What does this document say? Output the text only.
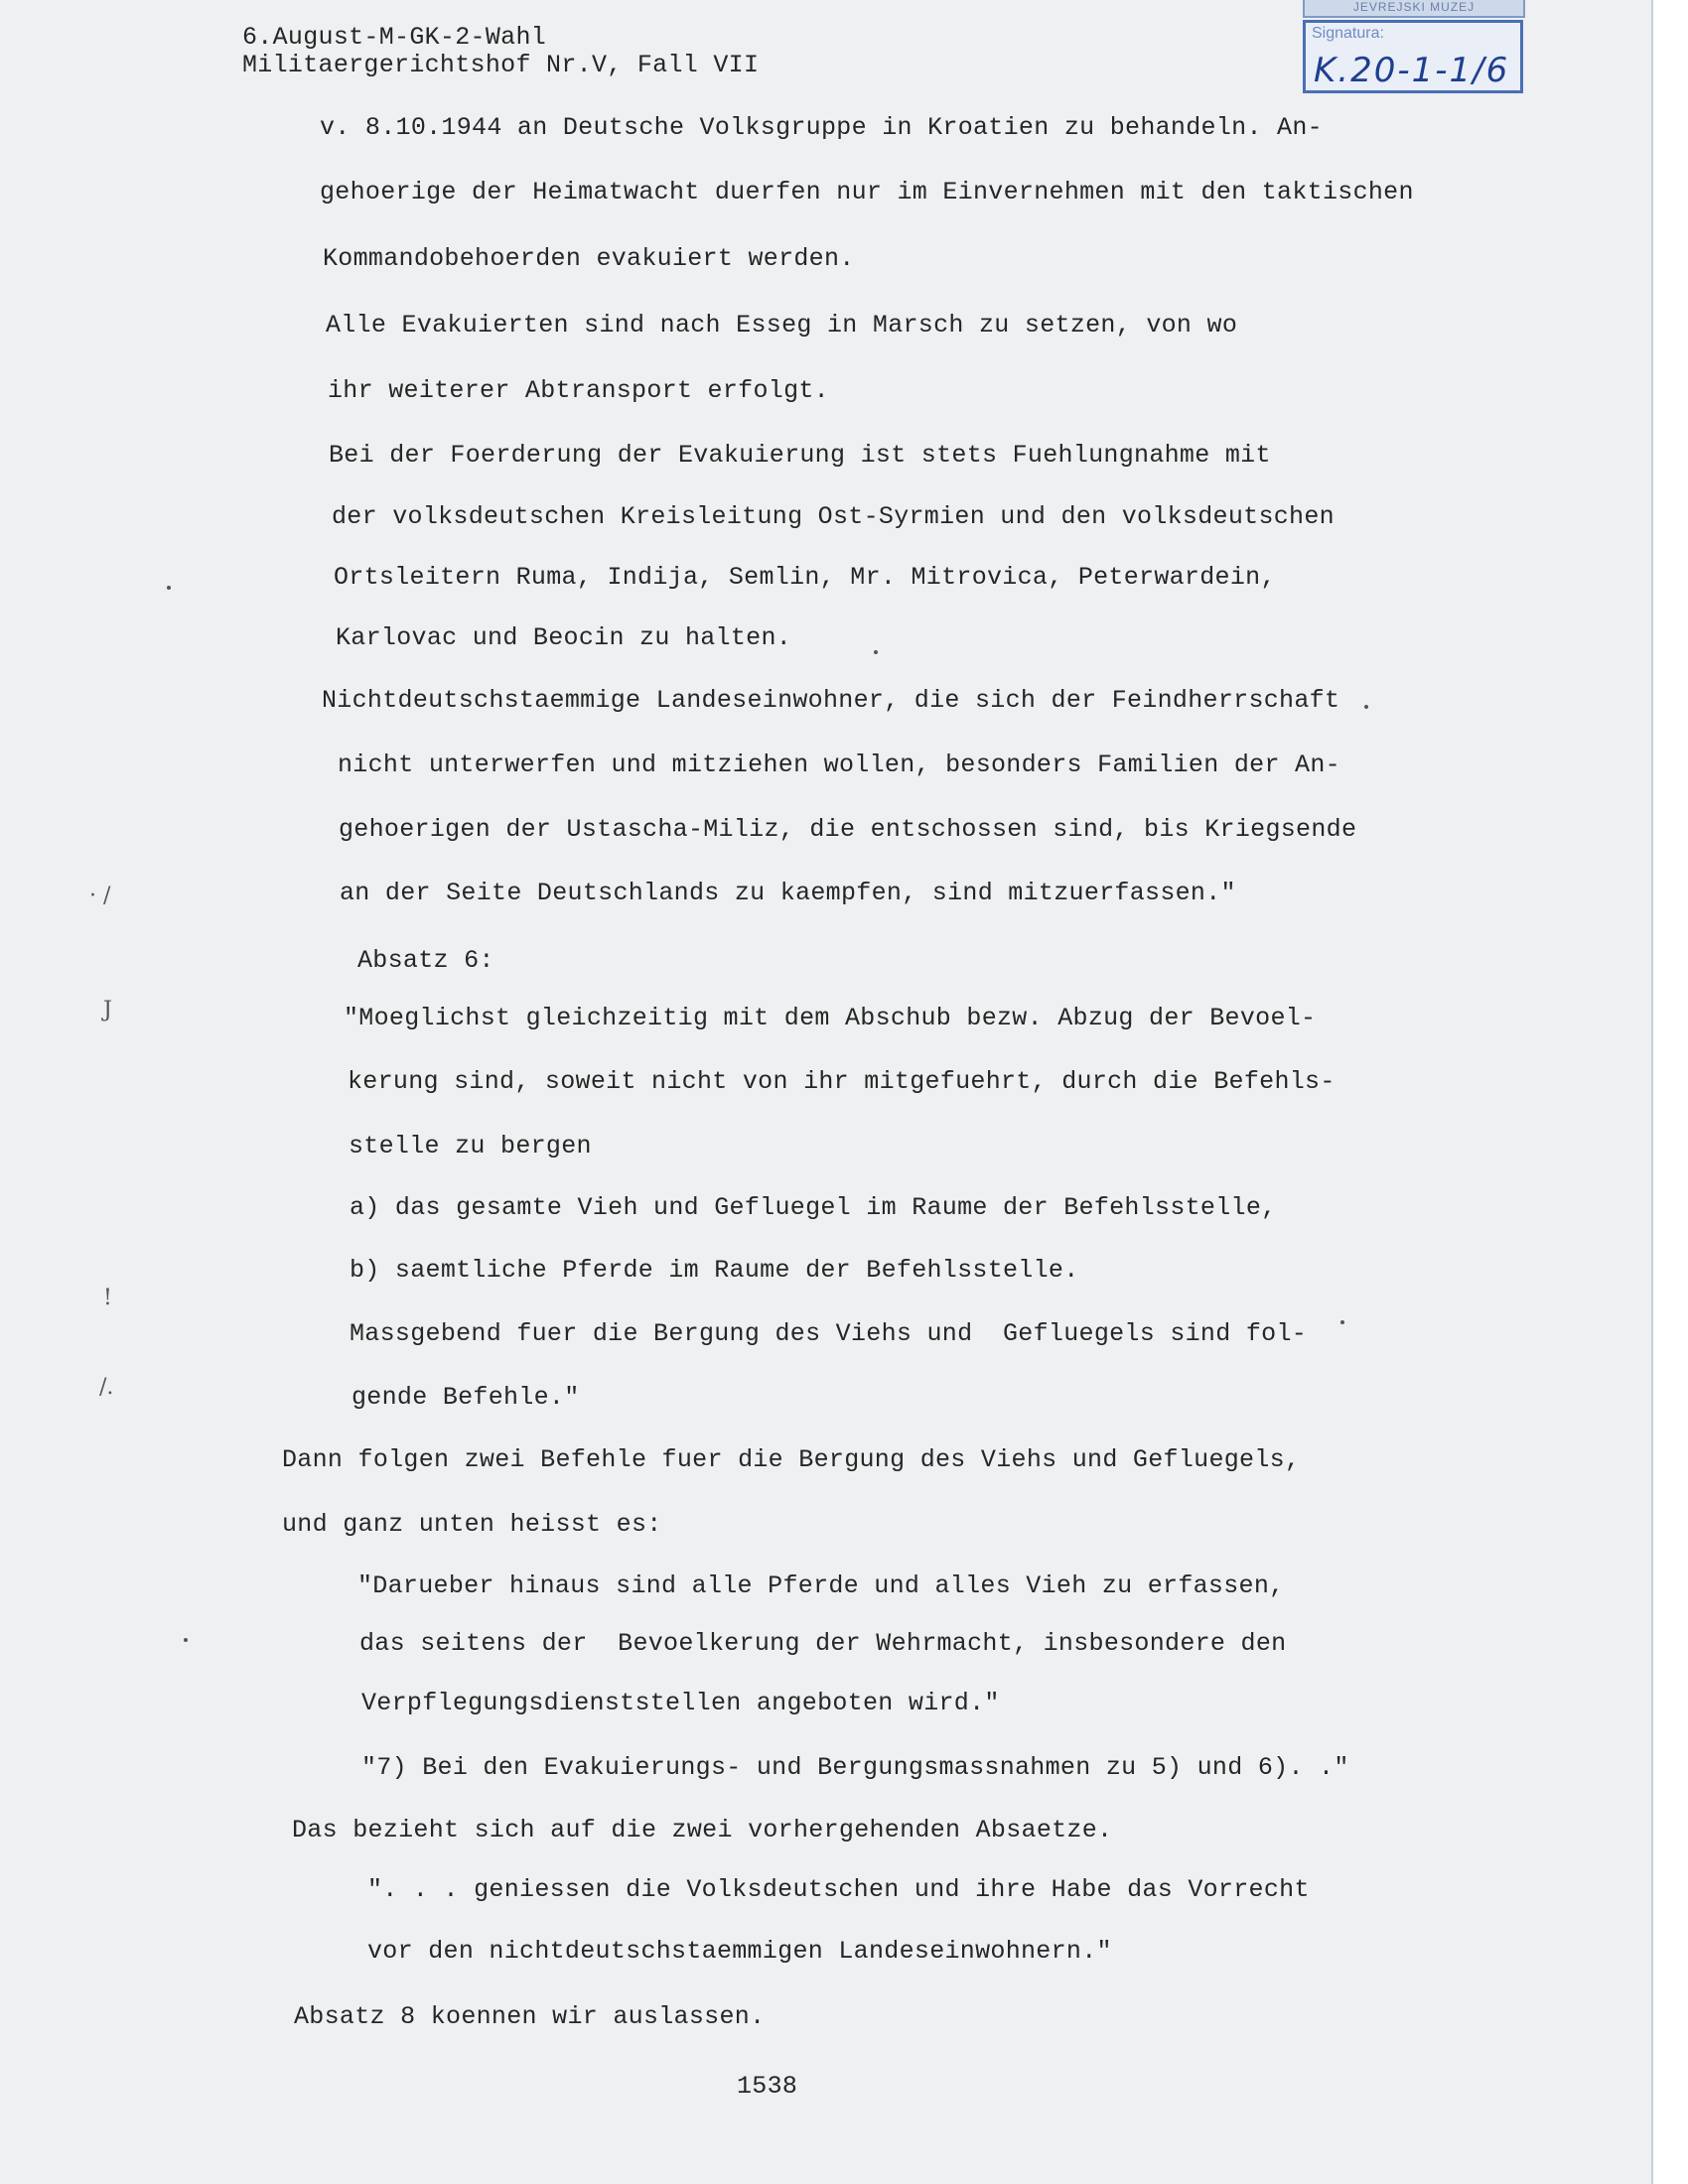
JEVREJSKI MUZEJ
Signatura:
K.20-1-1/6
6.August-M-GK-2-Wahl
Militaergerichtshof Nr.V, Fall VII
v. 8.10.1944 an Deutsche Volksgruppe in Kroatien zu behandeln. An-
gehoerige der Heimatwacht duerfen nur im Einvernehmen mit den taktischen
Kommandobehoerden evakuiert werden.
Alle Evakuierten sind nach Esseg in Marsch zu setzen, von wo
ihr weiterer Abtransport erfolgt.
Bei der Foerderung der Evakuierung ist stets Fuehlungnahme mit
der volksdeutschen Kreisleitung Ost-Syrmien und den volksdeutschen
Ortsleitern Ruma, Indija, Semlin, Mr. Mitrovica, Peterwardein,
Karlovac und Beocin zu halten.
Nichtdeutschstaemmige Landeseinwohner, die sich der Feindherrschaft
nicht unterwerfen und mitziehen wollen, besonders Familien der An-
gehoerigen der Ustascha-Miliz, die entschossen sind, bis Kriegsende
an der Seite Deutschlands zu kaempfen, sind mitzuerfassen."
Absatz 6:
"Moeglichst gleichzeitig mit dem Abschub bezw. Abzug der Bevoel-
kerung sind, soweit nicht von ihr mitgefuehrt, durch die Befehls-
stelle zu bergen
a) das gesamte Vieh und Gefluegel im Raume der Befehlsstelle,
b) saemtliche Pferde im Raume der Befehlsstelle.
Massgebend fuer die Bergung des Viehs und  Gefluegels sind fol-
gende Befehle."
Dann folgen zwei Befehle fuer die Bergung des Viehs und Gefluegels,
und ganz unten heisst es:
"Darueber hinaus sind alle Pferde und alles Vieh zu erfassen,
das seitens der  Bevoelkerung der Wehrmacht, insbesondere den
Verpflegungsdienststellen angeboten wird."
"7) Bei den Evakuierungs- und Bergungsmassnahmen zu 5) und 6). ."
Das bezieht sich auf die zwei vorhergehenden Absaetze.
". . . geniessen die Volksdeutschen und ihre Habe das Vorrecht
vor den nichtdeutschstaemmigen Landeseinwohnern."
Absatz 8 koennen wir auslassen.
1538
· /
J
!
/.
